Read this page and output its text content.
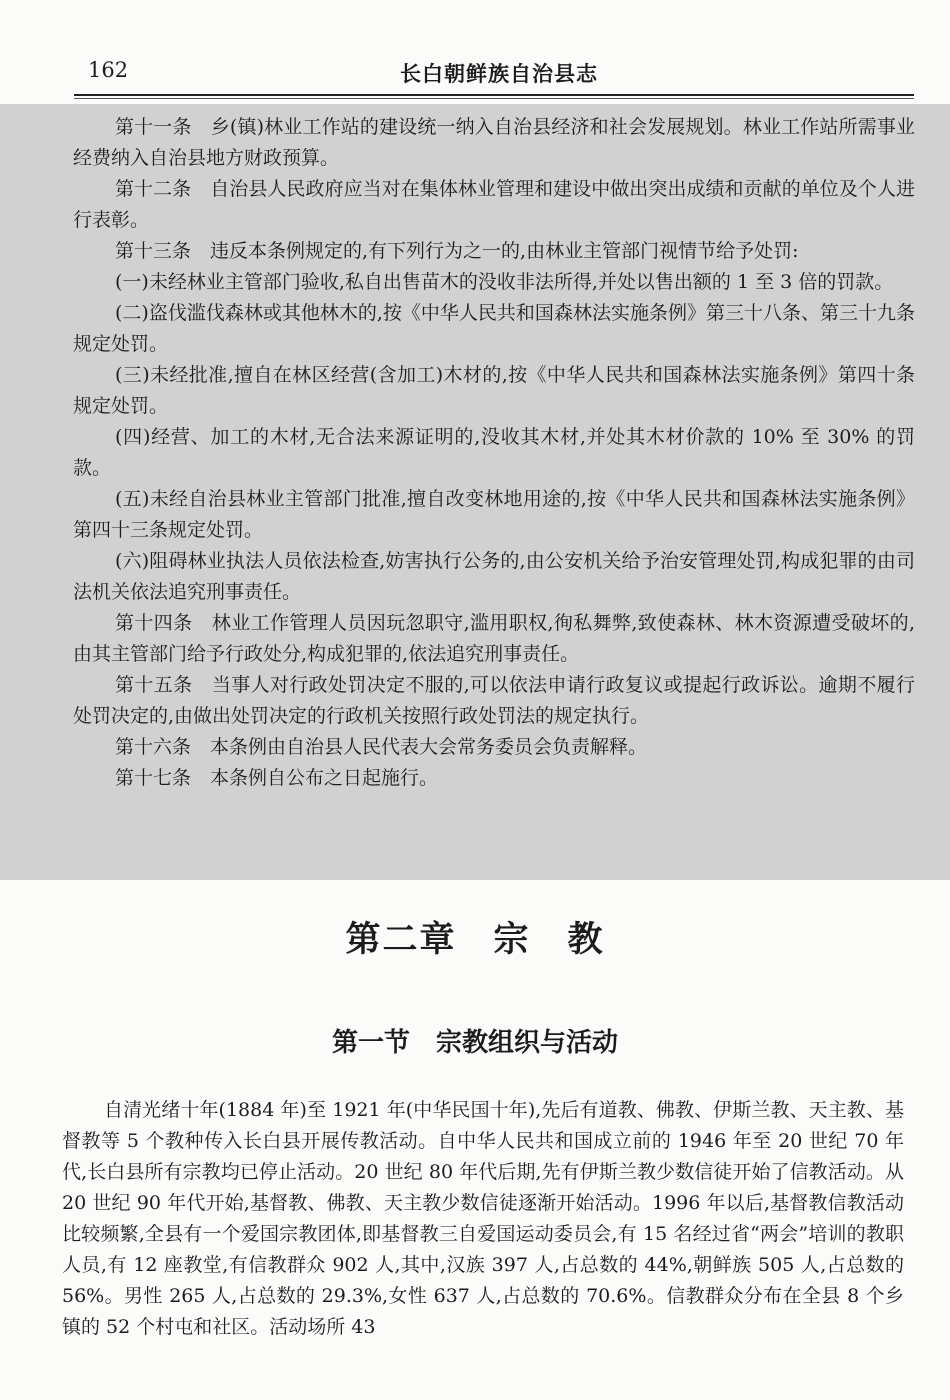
162	长白朝鲜族自治县志

第十一条　乡(镇)林业工作站的建设统一纳入自治县经济和社会发展规划。林业工作站所需事业经费纳入自治县地方财政预算。

第十二条　自治县人民政府应当对在集体林业管理和建设中做出突出成绩和贡献的单位及个人进行表彰。

第十三条　违反本条例规定的,有下列行为之一的,由林业主管部门视情节给予处罚:

(一)未经林业主管部门验收,私自出售苗木的没收非法所得,并处以售出额的 1 至 3 倍的罚款。

(二)盗伐滥伐森林或其他林木的,按《中华人民共和国森林法实施条例》第三十八条、第三十九条规定处罚。

(三)未经批准,擅自在林区经营(含加工)木材的,按《中华人民共和国森林法实施条例》第四十条规定处罚。

(四)经营、加工的木材,无合法来源证明的,没收其木材,并处其木材价款的 10% 至 30% 的罚款。

(五)未经自治县林业主管部门批准,擅自改变林地用途的,按《中华人民共和国森林法实施条例》第四十三条规定处罚。

(六)阻碍林业执法人员依法检查,妨害执行公务的,由公安机关给予治安管理处罚,构成犯罪的由司法机关依法追究刑事责任。

第十四条　林业工作管理人员因玩忽职守,滥用职权,徇私舞弊,致使森林、林木资源遭受破坏的,由其主管部门给予行政处分,构成犯罪的,依法追究刑事责任。

第十五条　当事人对行政处罚决定不服的,可以依法申请行政复议或提起行政诉讼。逾期不履行处罚决定的,由做出处罚决定的行政机关按照行政处罚法的规定执行。

第十六条　本条例由自治县人民代表大会常务委员会负责解释。

第十七条　本条例自公布之日起施行。

第二章　宗　教
第一节　宗教组织与活动

自清光绪十年(1884 年)至 1921 年(中华民国十年),先后有道教、佛教、伊斯兰教、天主教、基督教等 5 个教种传入长白县开展传教活动。自中华人民共和国成立前的 1946 年至 20 世纪 70 年代,长白县所有宗教均已停止活动。20 世纪 80 年代后期,先有伊斯兰教少数信徒开始了信教活动。从 20 世纪 90 年代开始,基督教、佛教、天主教少数信徒逐渐开始活动。1996 年以后,基督教信教活动比较频繁,全县有一个爱国宗教团体,即基督教三自爱国运动委员会,有 15 名经过省“两会”培训的教职人员,有 12 座教堂,有信教群众 902 人,其中,汉族 397 人,占总数的 44%,朝鲜族 505 人,占总数的 56%。男性 265 人,占总数的 29.3%,女性 637 人,占总数的 70.6%。信教群众分布在全县 8 个乡镇的 52 个村屯和社区。活动场所 43
